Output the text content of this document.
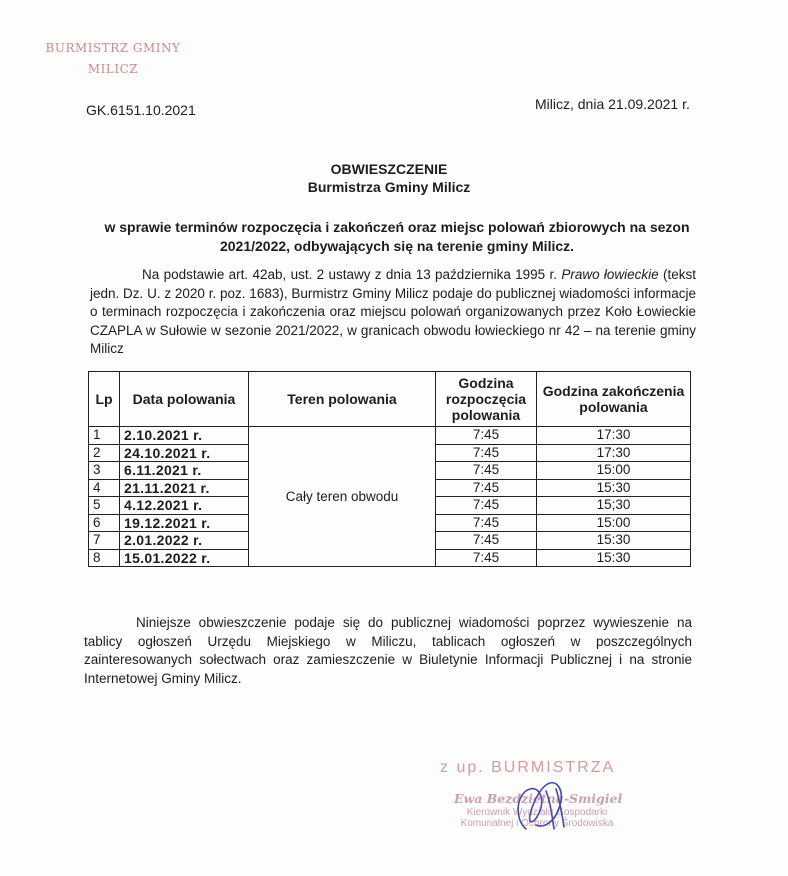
BURMISTRZ GMINY
MILICZ
GK.6151.10.2021	Milicz, dnia 21.09.2021 r.
OBWIESZCZENIE
Burmistrza Gminy Milicz
w sprawie terminów rozpoczęcia i zakończeń oraz miejsc polowań zbiorowych na sezon 2021/2022, odbywających się na terenie gminy Milicz.
Na podstawie art. 42ab, ust. 2 ustawy z dnia 13 października 1995 r. Prawo łowieckie (tekst jedn. Dz. U. z 2020 r. poz. 1683), Burmistrz Gminy Milicz podaje do publicznej wiadomości informacje o terminach rozpoczęcia i zakończenia oraz miejscu polowań organizowanych przez Koło Łowieckie CZAPLA w Sułowie w sezonie 2021/2022, w granicach obwodu łowieckiego nr 42 – na terenie gminy Milicz
Lp	Data polowania	Teren polowania	Godzina rozpoczęcia polowania	Godzina zakończenia polowania
1	2.10.2021 r.	Cały teren obwodu	7:45	17:30
2	24.10.2021 r.		7:45	17:30
3	6.11.2021 r.		7:45	15:00
4	21.11.2021 r.		7:45	15:30
5	4.12.2021 r.		7:45	15;30
6	19.12.2021 r.		7:45	15:00
7	2.01.2022 r.		7:45	15:30
8	15.01.2022 r.		7:45	15:30
Niniejsze obwieszczenie podaje się do publicznej wiadomości poprzez wywieszenie na tablicy ogłoszeń Urzędu Miejskiego w Miliczu, tablicach ogłoszeń w poszczególnych zainteresowanych sołectwach oraz zamieszczenie w Biuletynie Informacji Publicznej i na stronie Internetowej Gminy Milicz.
z up. BURMISTRZA
Ewa Bezdzietna-Smigiel
Kierownik Wydziału Gospodarki
Komunalnej i Ochrony Środowiska
